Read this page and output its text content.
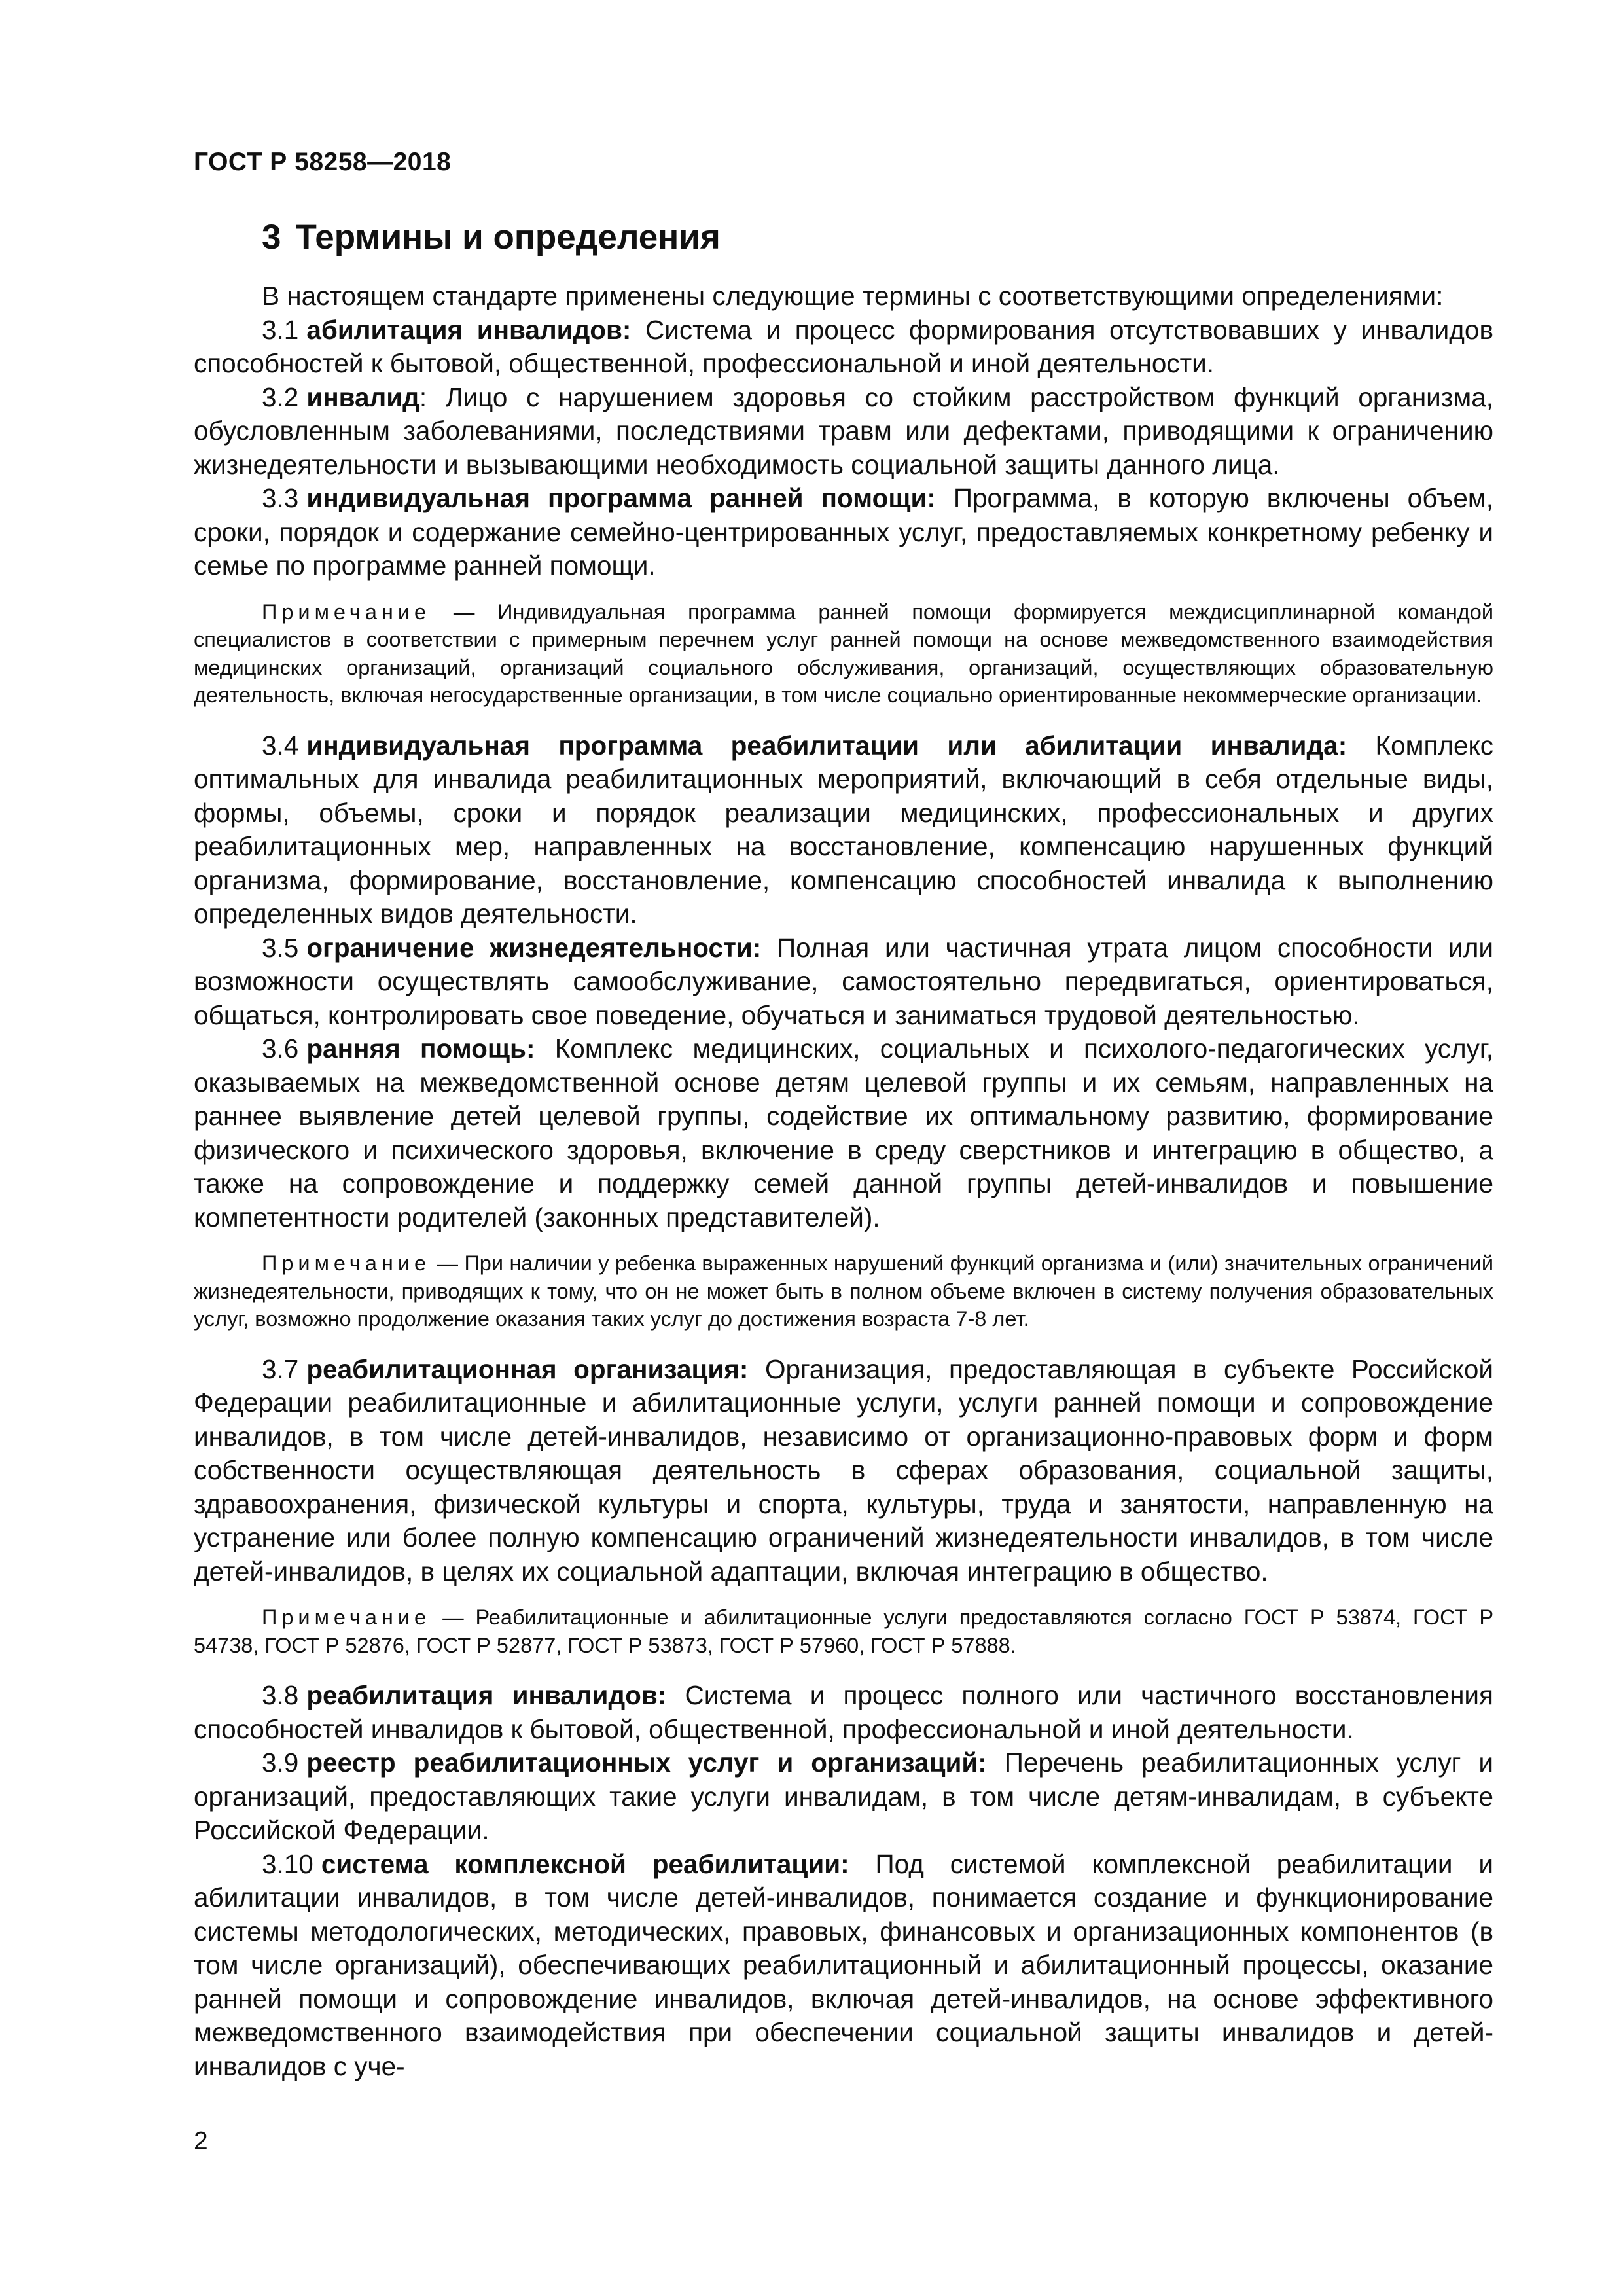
ГОСТ Р 58258—2018
3 Термины и определения

В настоящем стандарте применены следующие термины с соответствующими определениями:

3.1 абилитация инвалидов: Система и процесс формирования отсутствовавших у инвалидов способностей к бытовой, общественной, профессиональной и иной деятельности.

3.2 инвалид: Лицо с нарушением здоровья со стойким расстройством функций организма, обусловленным заболеваниями, последствиями травм или дефектами, приводящими к ограничению жизнедеятельности и вызывающими необходимость социальной защиты данного лица.

3.3 индивидуальная программа ранней помощи: Программа, в которую включены объем, сроки, порядок и содержание семейно-центрированных услуг, предоставляемых конкретному ребенку и семье по программе ранней помощи.

Примечание — Индивидуальная программа ранней помощи формируется междисциплинарной командой специалистов в соответствии с примерным перечнем услуг ранней помощи на основе межведомственного взаимодействия медицинских организаций, организаций социального обслуживания, организаций, осуществляющих образовательную деятельность, включая негосударственные организации, в том числе социально ориентированные некоммерческие организации.

3.4 индивидуальная программа реабилитации или абилитации инвалида: Комплекс оптимальных для инвалида реабилитационных мероприятий, включающий в себя отдельные виды, формы, объемы, сроки и порядок реализации медицинских, профессиональных и других реабилитационных мер, направленных на восстановление, компенсацию нарушенных функций организма, формирование, восстановление, компенсацию способностей инвалида к выполнению определенных видов деятельности.

3.5 ограничение жизнедеятельности: Полная или частичная утрата лицом способности или возможности осуществлять самообслуживание, самостоятельно передвигаться, ориентироваться, общаться, контролировать свое поведение, обучаться и заниматься трудовой деятельностью.

3.6 ранняя помощь: Комплекс медицинских, социальных и психолого-педагогических услуг, оказываемых на межведомственной основе детям целевой группы и их семьям, направленных на раннее выявление детей целевой группы, содействие их оптимальному развитию, формирование физического и психического здоровья, включение в среду сверстников и интеграцию в общество, а также на сопровождение и поддержку семей данной группы детей-инвалидов и повышение компетентности родителей (законных представителей).

Примечание — При наличии у ребенка выраженных нарушений функций организма и (или) значительных ограничений жизнедеятельности, приводящих к тому, что он не может быть в полном объеме включен в систему получения образовательных услуг, возможно продолжение оказания таких услуг до достижения возраста 7-8 лет.

3.7 реабилитационная организация: Организация, предоставляющая в субъекте Российской Федерации реабилитационные и абилитационные услуги, услуги ранней помощи и сопровождение инвалидов, в том числе детей-инвалидов, независимо от организационно-правовых форм и форм собственности осуществляющая деятельность в сферах образования, социальной защиты, здравоохранения, физической культуры и спорта, культуры, труда и занятости, направленную на устранение или более полную компенсацию ограничений жизнедеятельности инвалидов, в том числе детей-инвалидов, в целях их социальной адаптации, включая интеграцию в общество.

Примечание — Реабилитационные и абилитационные услуги предоставляются согласно ГОСТ Р 53874, ГОСТ Р 54738, ГОСТ Р 52876, ГОСТ Р 52877, ГОСТ Р 53873, ГОСТ Р 57960, ГОСТ Р 57888.

3.8 реабилитация инвалидов: Система и процесс полного или частичного восстановления способностей инвалидов к бытовой, общественной, профессиональной и иной деятельности.

3.9 реестр реабилитационных услуг и организаций: Перечень реабилитационных услуг и организаций, предоставляющих такие услуги инвалидам, в том числе детям-инвалидам, в субъекте Российской Федерации.

3.10 система комплексной реабилитации: Под системой комплексной реабилитации и абилитации инвалидов, в том числе детей-инвалидов, понимается создание и функционирование системы методологических, методических, правовых, финансовых и организационных компонентов (в том числе организаций), обеспечивающих реабилитационный и абилитационный процессы, оказание ранней помощи и сопровождение инвалидов, включая детей-инвалидов, на основе эффективного межведомственного взаимодействия при обеспечении социальной защиты инвалидов и детей-инвалидов с уче-

2
